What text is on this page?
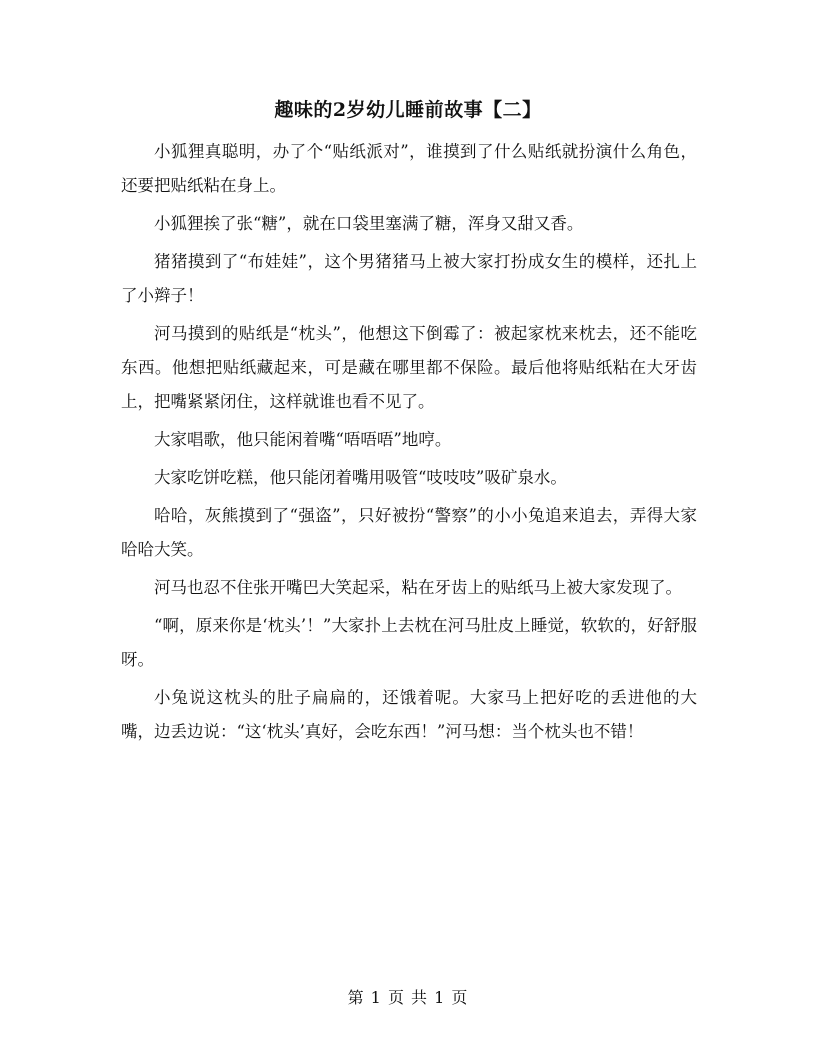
趣味的2岁幼儿睡前故事【二】

小狐狸真聪明，办了个“贴纸派对”，谁摸到了什么贴纸就扮演什么角色，还要把贴纸粘在身上。

小狐狸挨了张“糖”，就在口袋里塞满了糖，浑身又甜又香。

猪猪摸到了“布娃娃”，这个男猪猪马上被大家打扮成女生的模样，还扎上了小辫子！

河马摸到的贴纸是“枕头”，他想这下倒霉了：被起家枕来枕去，还不能吃东西。他想把贴纸藏起来，可是藏在哪里都不保险。最后他将贴纸粘在大牙齿上，把嘴紧紧闭住，这样就谁也看不见了。

大家唱歌，他只能闲着嘴“唔唔唔”地哼。

大家吃饼吃糕，他只能闭着嘴用吸管“吱吱吱”吸矿泉水。

哈哈，灰熊摸到了“强盗”，只好被扮“警察”的小小兔追来追去，弄得大家哈哈大笑。

河马也忍不住张开嘴巴大笑起采，粘在牙齿上的贴纸马上被大家发现了。

“啊，原来你是‘枕头’！”大家扑上去枕在河马肚皮上睡觉，软软的，好舒服呀。

小兔说这枕头的肚子扁扁的，还饿着呢。大家马上把好吃的丢进他的大嘴，边丢边说：“这‘枕头’真好，会吃东西！”河马想：当个枕头也不错！

第 1 页 共 1 页
